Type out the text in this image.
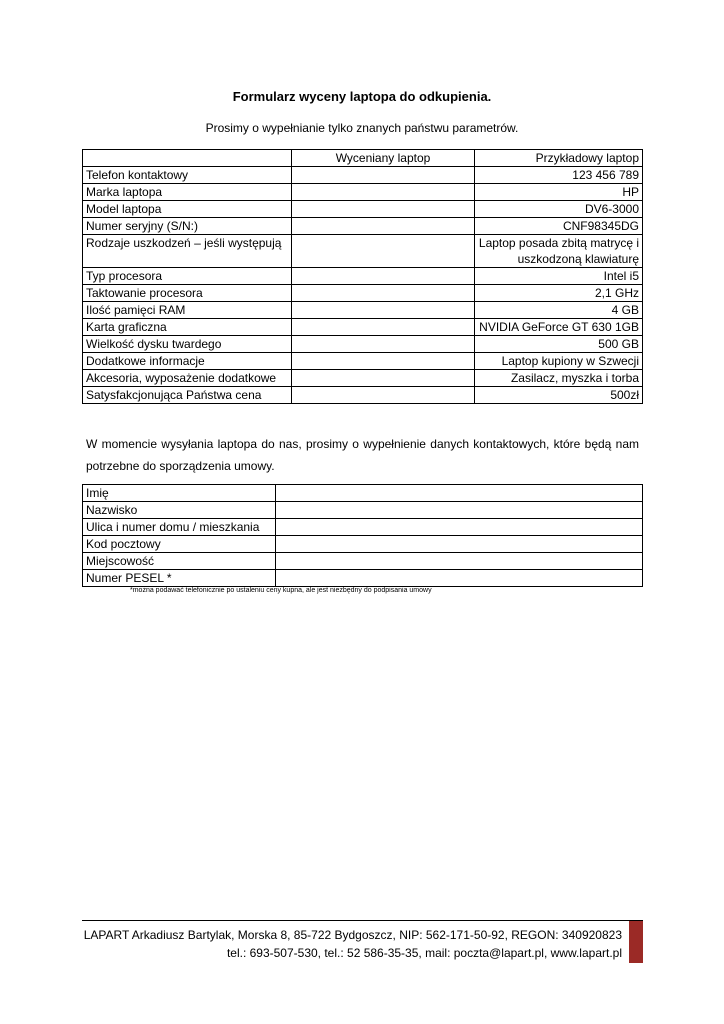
Formularz wyceny laptopa do odkupienia.
Prosimy o wypełnianie tylko znanych państwu parametrów.
	Wyceniany laptop	Przykładowy laptop
Telefon kontaktowy		123 456 789
Marka laptopa		HP
Model laptopa		DV6-3000
Numer seryjny (S/N:)		CNF98345DG
Rodzaje uszkodzeń – jeśli występują		Laptop posada zbitą matrycę i
uszkodzoną klawiaturę

Typ procesora		Intel i5
Taktowanie procesora		2,1 GHz
Ilość pamięci RAM		4 GB
Karta graficzna		NVIDIA GeForce GT 630 1GB
Wielkość dysku twardego		500 GB
Dodatkowe informacje		Laptop kupiony w Szwecji
Akcesoria, wyposażenie dodatkowe		Zasilacz, myszka i torba
Satysfakcjonująca Państwa cena		500zł
W momencie wysyłania laptopa do nas, prosimy o wypełnienie danych kontaktowych, które będą nam potrzebne do sporządzenia umowy.
Imię	
Nazwisko	
Ulica i numer domu / mieszkania	
Kod pocztowy	
Miejscowość	
Numer PESEL *	
*można podawać telefonicznie po ustaleniu ceny kupna, ale jest niezbędny do podpisania umowy
LAPART Arkadiusz Bartylak, Morska 8, 85-722 Bydgoszcz, NIP: 562-171-50-92, REGON: 340920823
tel.: 693-507-530, tel.: 52 586-35-35, mail: poczta@lapart.pl, www.lapart.pl
